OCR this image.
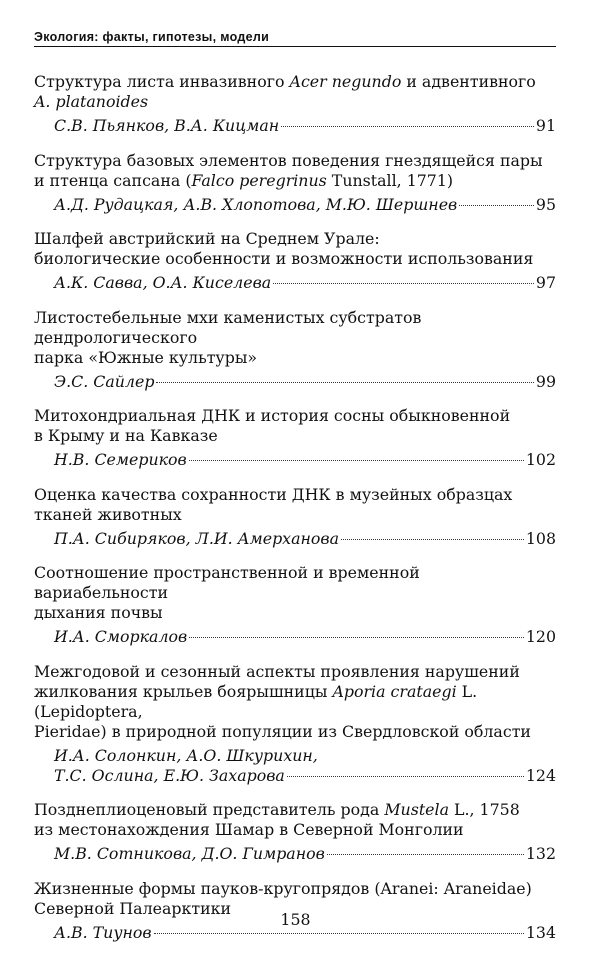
Экология: факты, гипотезы, модели
Структура листа инвазивного Acer negundo и адвентивного
A. platanoides
С.В. Пьянков, В.А. Кицман	91
Структура базовых элементов поведения гнездящейся пары
и птенца сапсана (Falco peregrinus Tunstall, 1771)
А.Д. Рудацкая, А.В. Хлопотова, М.Ю. Шершнев	95
Шалфей австрийский на Среднем Урале:
биологические особенности и возможности использования
А.К. Савва, О.А. Киселева	97
Листостебельные мхи каменистых субстратов дендрологического
парка «Южные культуры»
Э.С. Сайлер	99
Митохондриальная ДНК и история сосны обыкновенной
в Крыму и на Кавказе
Н.В. Семериков	102
Оценка качества сохранности ДНК в музейных образцах
тканей животных
П.А. Сибиряков, Л.И. Амерханова	108
Соотношение пространственной и временной вариабельности
дыхания почвы
И.А. Сморкалов	120
Межгодовой и сезонный аспекты проявления нарушений
жилкования крыльев боярышницы Aporia crataegi L. (Lepidoptera,
Pieridae) в природной популяции из Свердловской области
И.А. Солонкин, А.О. Шкурихин,
Т.С. Ослина, Е.Ю. Захарова	124
Позднеплиоценовый представитель рода Mustela L., 1758
из местонахождения Шамар в Северной Монголии
М.В. Сотникова, Д.О. Гимранов	132
Жизненные формы пауков-кругопрядов (Aranei: Araneidae)
Северной Палеарктики
А.В. Тиунов	134
158
